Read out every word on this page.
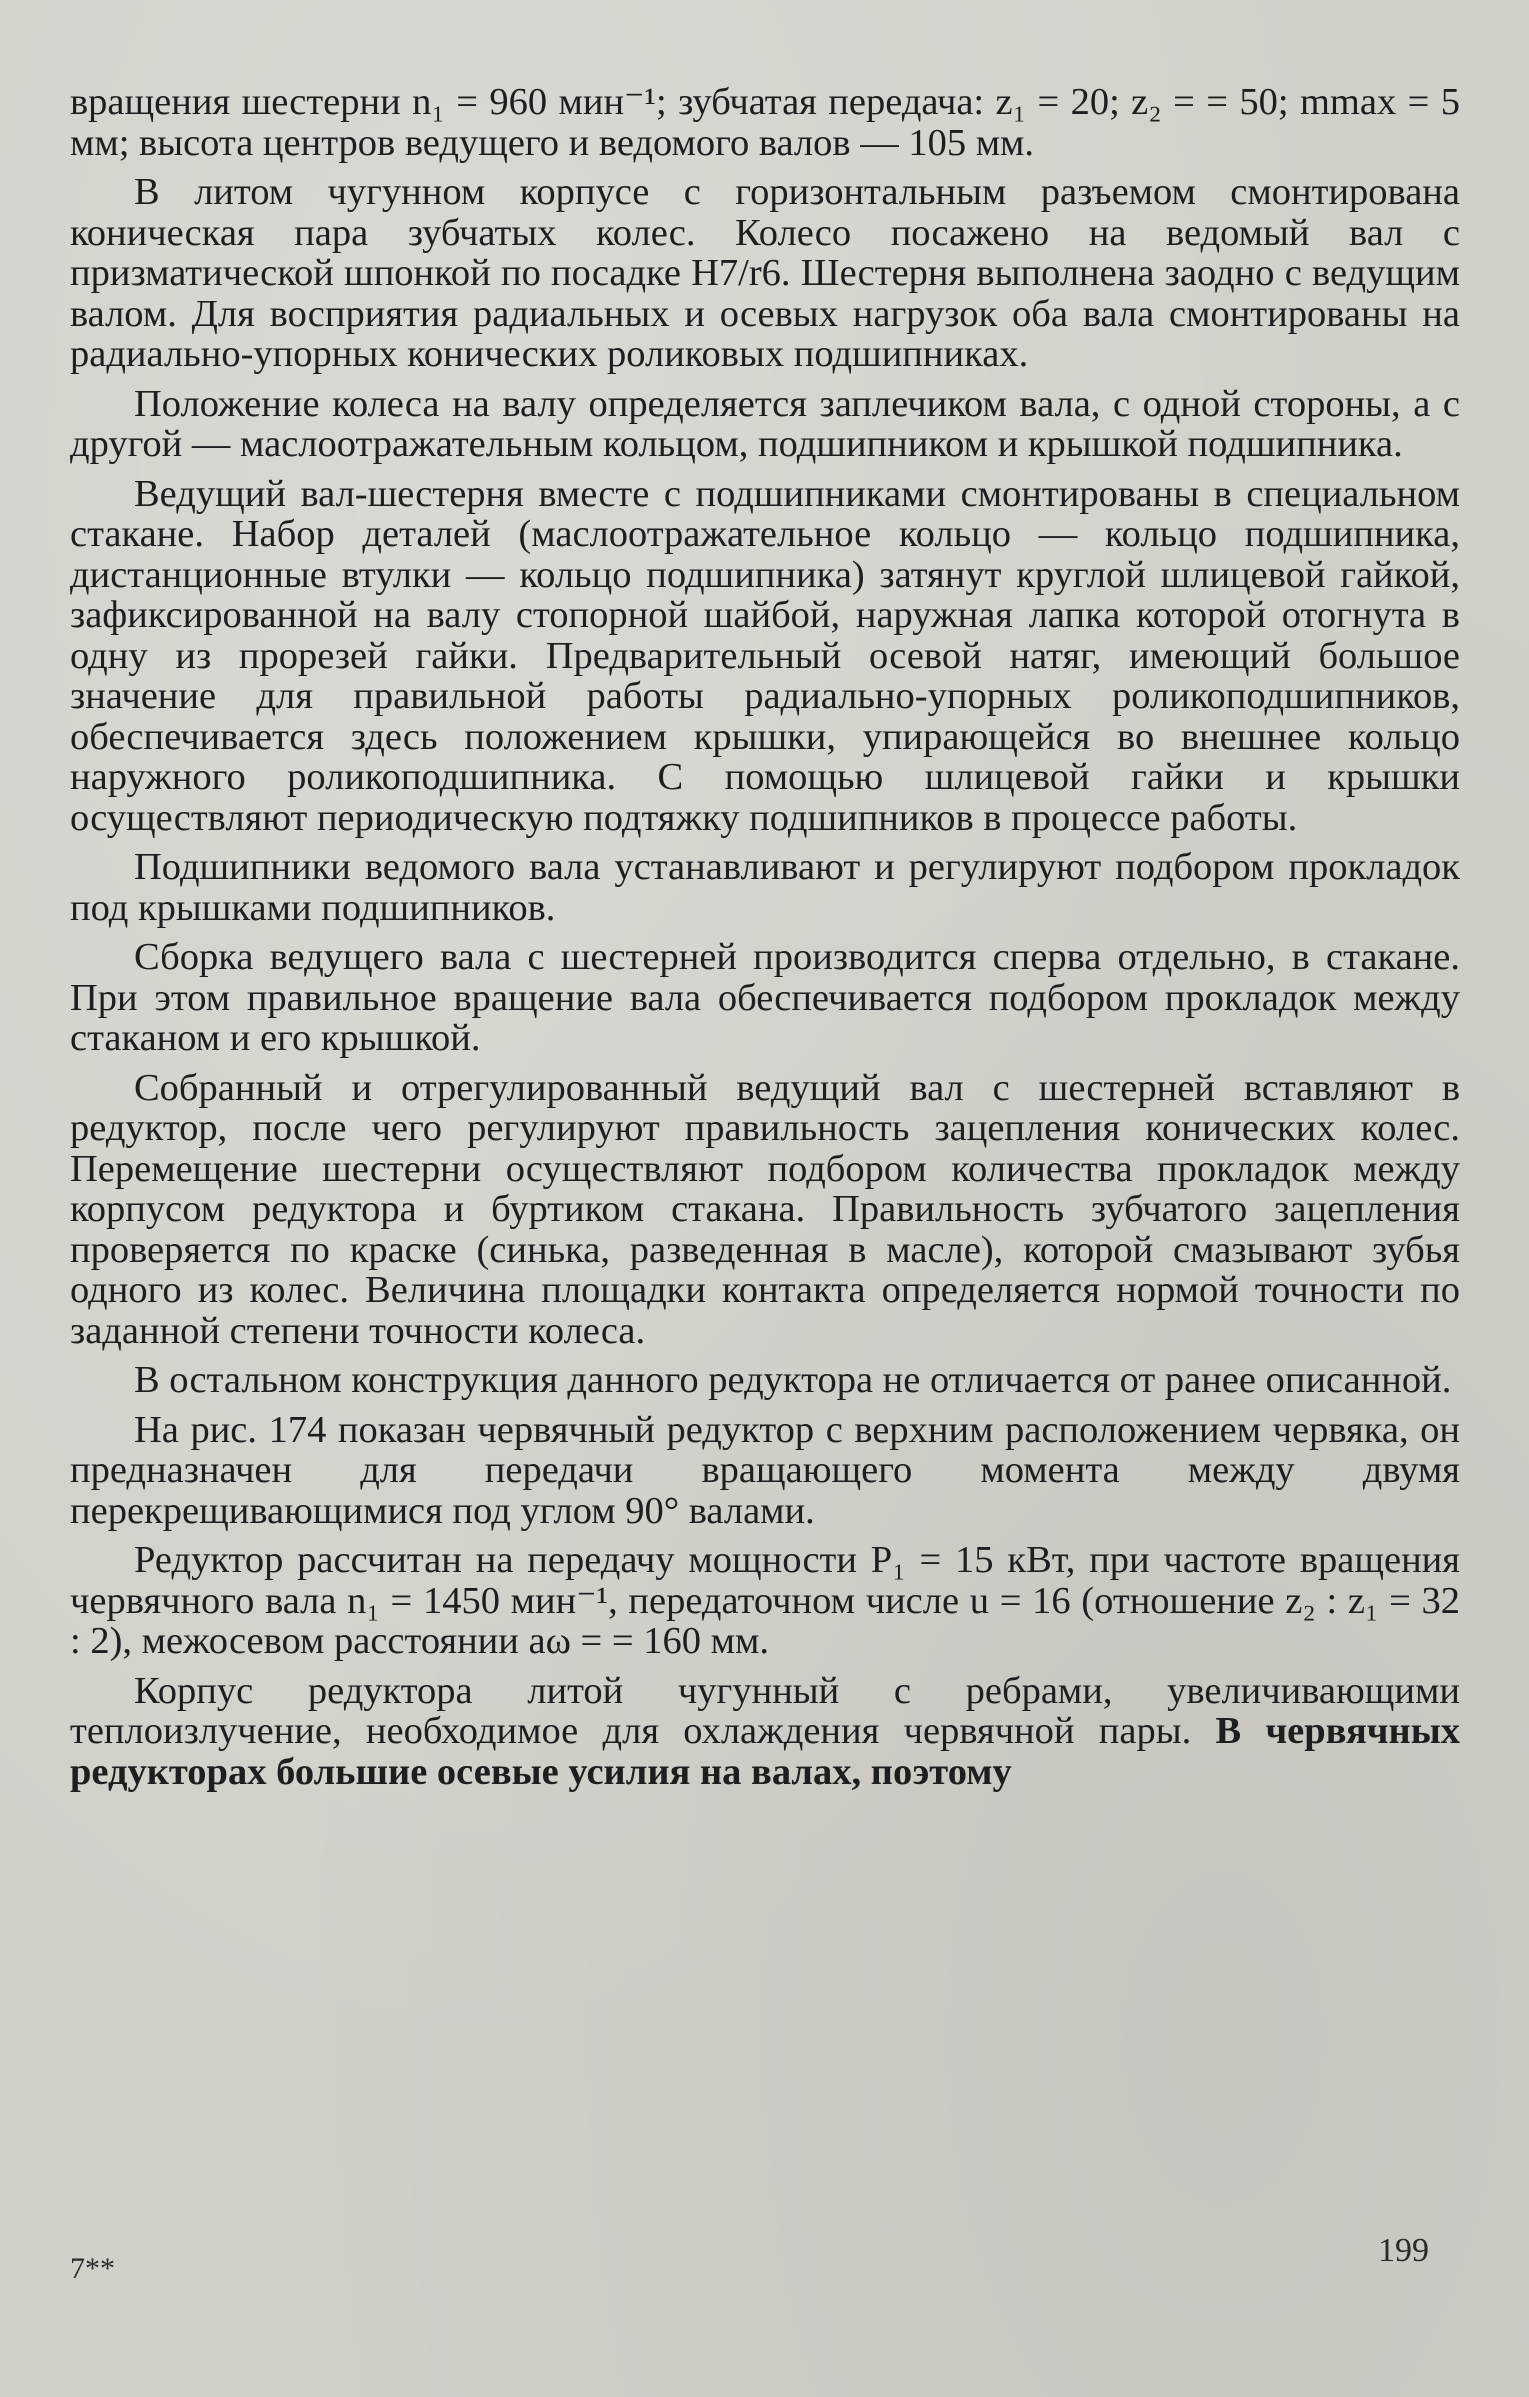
вращения шестерни n₁ = 960 мин⁻¹; зубчатая передача: z₁ = 20; z₂ = = 50; mmax = 5 мм; высота центров ведущего и ведомого валов — 105 мм.

В литом чугунном корпусе с горизонтальным разъемом смонтирована коническая пара зубчатых колес. Колесо посажено на ведомый вал с призматической шпонкой по посадке H7/r6. Шестерня выполнена заодно с ведущим валом. Для восприятия радиальных и осевых нагрузок оба вала смонтированы на радиально-упорных конических роликовых подшипниках.

Положение колеса на валу определяется заплечиком вала, с одной стороны, а с другой — маслоотражательным кольцом, подшипником и крышкой подшипника.

Ведущий вал-шестерня вместе с подшипниками смонтированы в специальном стакане. Набор деталей (маслоотражательное кольцо — кольцо подшипника, дистанционные втулки — кольцо подшипника) затянут круглой шлицевой гайкой, зафиксированной на валу стопорной шайбой, наружная лапка которой отогнута в одну из прорезей гайки. Предварительный осевой натяг, имеющий большое значение для правильной работы радиально-упорных роликоподшипников, обеспечивается здесь положением крышки, упирающейся во внешнее кольцо наружного роликоподшипника. С помощью шлицевой гайки и крышки осуществляют периодическую подтяжку подшипников в процессе работы.

Подшипники ведомого вала устанавливают и регулируют подбором прокладок под крышками подшипников.

Сборка ведущего вала с шестерней производится сперва отдельно, в стакане. При этом правильное вращение вала обеспечивается подбором прокладок между стаканом и его крышкой.

Собранный и отрегулированный ведущий вал с шестерней вставляют в редуктор, после чего регулируют правильность зацепления конических колес. Перемещение шестерни осуществляют подбором количества прокладок между корпусом редуктора и буртиком стакана. Правильность зубчатого зацепления проверяется по краске (синька, разведенная в масле), которой смазывают зубья одного из колес. Величина площадки контакта определяется нормой точности по заданной степени точности колеса.

В остальном конструкция данного редуктора не отличается от ранее описанной.

На рис. 174 показан червячный редуктор с верхним расположением червяка, он предназначен для передачи вращающего момента между двумя перекрещивающимися под углом 90° валами.

Редуктор рассчитан на передачу мощности P₁ = 15 кВт, при частоте вращения червячного вала n₁ = 1450 мин⁻¹, передаточном числе u = 16 (отношение z₂ : z₁ = 32 : 2), межосевом расстоянии aω = = 160 мм.

Корпус редуктора литой чугунный с ребрами, увеличивающими теплоизлучение, необходимое для охлаждения червячной пары. В червячных редукторах большие осевые усилия на валах, поэтому

7**	199
